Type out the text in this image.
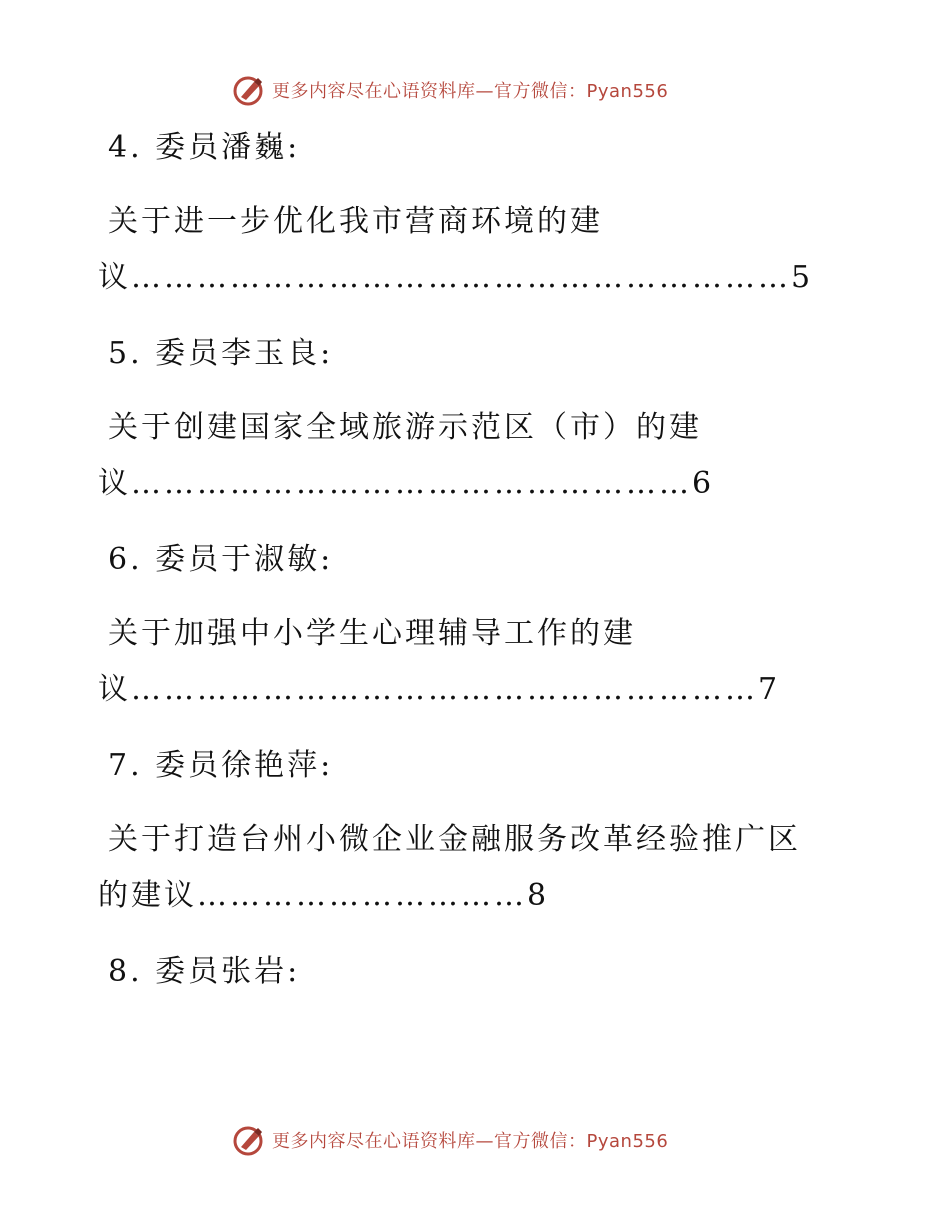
更多内容尽在心语资料库—官方微信：Pyan556
4. 委员潘巍:
关于进一步优化我市营商环境的建
议……………………………………………………5
5. 委员李玉良:
关于创建国家全域旅游示范区（市）的建
议……………………………………………6
6. 委员于淑敏:
关于加强中小学生心理辅导工作的建
议…………………………………………………7
7. 委员徐艳萍:
关于打造台州小微企业金融服务改革经验推广区
的建议…………………………8
8. 委员张岩:
更多内容尽在心语资料库—官方微信：Pyan556
